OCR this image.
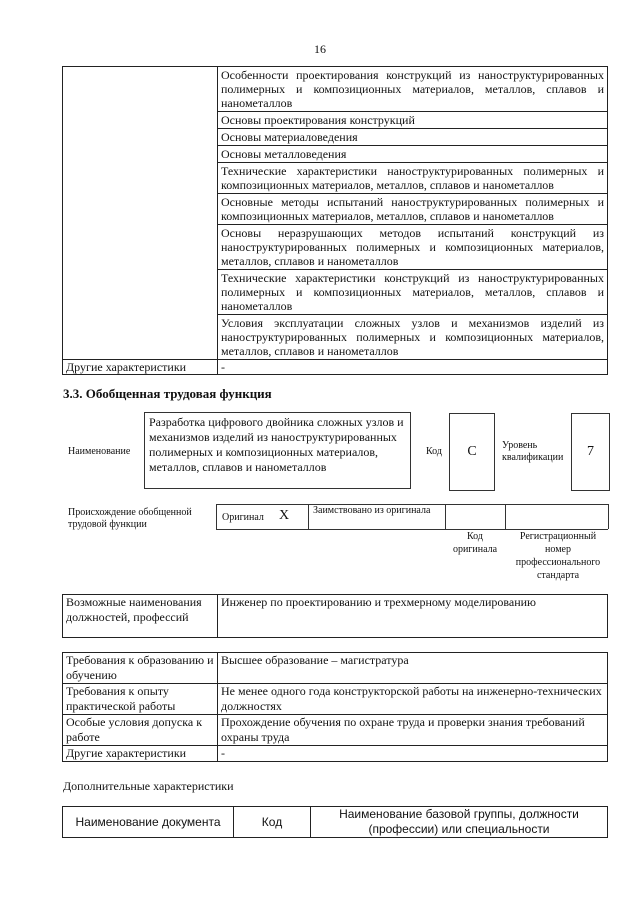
16
	Особенности проектирования конструкций из наноструктурированных полимерных и композиционных материалов, металлов, сплавов и нанометаллов
	Основы проектирования конструкций
	Основы материаловедения
	Основы металловедения
	Технические характеристики наноструктурированных полимерных и композиционных материалов, металлов, сплавов и нанометаллов
	Основные методы испытаний наноструктурированных полимерных и композиционных материалов, металлов, сплавов и нанометаллов
	Основы неразрушающих методов испытаний конструкций из наноструктурированных полимерных и композиционных материалов, металлов, сплавов и нанометаллов
	Технические характеристики конструкций из наноструктурированных полимерных и композиционных материалов, металлов, сплавов и нанометаллов
	Условия эксплуатации сложных узлов и механизмов изделий из наноструктурированных полимерных и композиционных материалов, металлов, сплавов и нанометаллов
Другие характеристики	-
3.3. Обобщенная трудовая функция
Наименование
Разработка цифрового двойника сложных узлов и механизмов изделий из наноструктурированных полимерных и композиционных материалов, металлов, сплавов и нанометаллов
Код	C	Уровень квалификации	7
Происхождение обобщенной трудовой функции
Оригинал X Заимствовано из оригинала
Код оригинала
Регистрационный номер профессионального стандарта
Возможные наименования должностей, профессий	Инженер по проектированию и трехмерному моделированию
Требования к образованию и обучению	Высшее образование – магистратура
Требования к опыту практической работы	Не менее одного года конструкторской работы на инженерно-технических должностях
Особые условия допуска к работе	Прохождение обучения по охране труда и проверки знания требований охраны труда
Другие характеристики	-
Дополнительные характеристики
Наименование документа	Код	Наименование базовой группы, должности (профессии) или специальности
